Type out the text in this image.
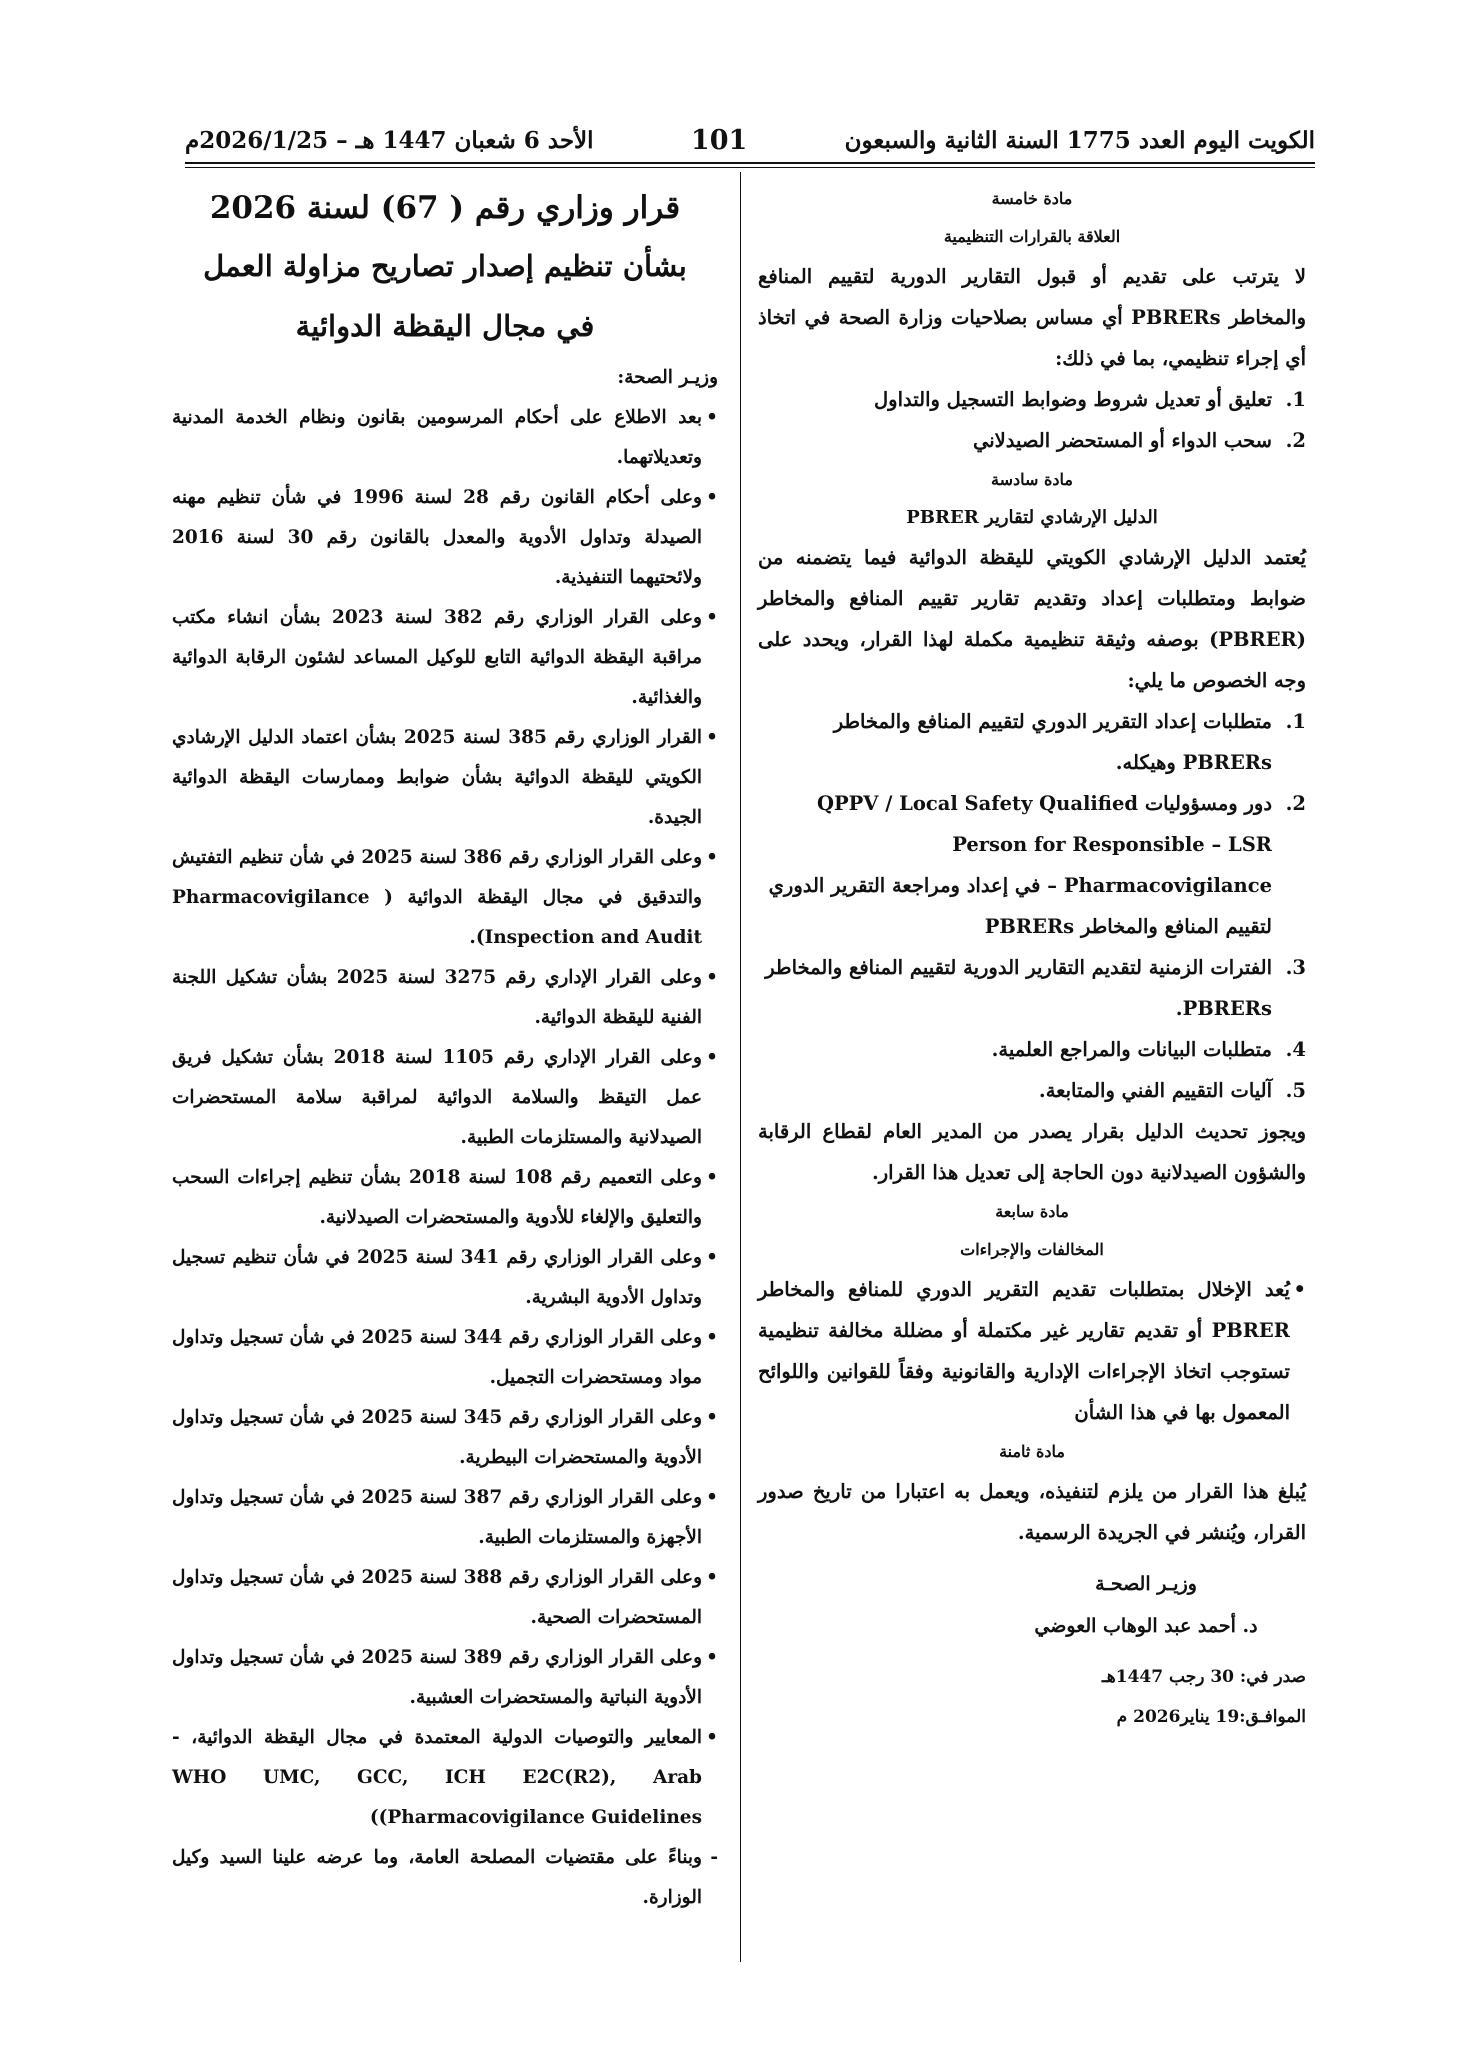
الكويت اليوم العدد 1775 السنة الثانية والسبعون
101
الأحد 6 شعبان 1447 هـ – 2026/1/25م

مادة خامسة

العلاقة بالقرارات التنظيمية

لا يترتب على تقديم أو قبول التقارير الدورية لتقييم المنافع والمخاطر PBRERs أي مساس بصلاحيات وزارة الصحة في اتخاذ أي إجراء تنظيمي، بما في ذلك:

1.
تعليق أو تعديل شروط وضوابط التسجيل والتداول
2.
سحب الدواء أو المستحضر الصيدلاني

مادة سادسة

الدليل الإرشادي لتقارير PBRER

يُعتمد الدليل الإرشادي الكويتي لليقظة الدوائية فيما يتضمنه من ضوابط ومتطلبات إعداد وتقديم تقارير تقييم المنافع والمخاطر (PBRER) بوصفه وثيقة تنظيمية مكملة لهذا القرار، ويحدد على وجه الخصوص ما يلي:

1.
متطلبات إعداد التقرير الدوري لتقييم المنافع والمخاطر PBRERs وهيكله.
2.
دور ومسؤوليات QPPV / Local Safety Qualified Person for Responsible – LSR Pharmacovigilance – في إعداد ومراجعة التقرير الدوري لتقييم المنافع والمخاطر PBRERs
3.
الفترات الزمنية لتقديم التقارير الدورية لتقييم المنافع والمخاطر PBRERs.
4.
متطلبات البيانات والمراجع العلمية.
5.
آليات التقييم الفني والمتابعة.

ويجوز تحديث الدليل بقرار يصدر من المدير العام لقطاع الرقابة والشؤون الصيدلانية دون الحاجة إلى تعديل هذا القرار.

مادة سابعة

المخالفات والإجراءات

• يُعد الإخلال بمتطلبات تقديم التقرير الدوري للمنافع والمخاطر PBRER أو تقديم تقارير غير مكتملة أو مضللة مخالفة تنظيمية تستوجب اتخاذ الإجراءات الإدارية والقانونية وفقاً للقوانين واللوائح المعمول بها في هذا الشأن

مادة ثامنة

يُبلغ هذا القرار من يلزم لتنفيذه، ويعمل به اعتبارا من تاريخ صدور القرار، ويُنشر في الجريدة الرسمية.

وزيـر الصحـة

د. أحمد عبد الوهاب العوضي

صدر في: 30 رجب 1447هـ

الموافـق:19 يناير2026 م

قرار وزاري رقم ( 67) لسنة 2026

بشأن تنظيم إصدار تصاريح مزاولة العمل

في مجال اليقظة الدوائية

وزيـر الصحة:

• بعد الاطلاع على أحكام المرسومين بقانون ونظام الخدمة المدنية وتعديلاتهما.
• وعلى أحكام القانون رقم 28 لسنة 1996 في شأن تنظيم مهنه الصيدلة وتداول الأدوية والمعدل بالقانون رقم 30 لسنة 2016 ولائحتيهما التنفيذية.
• وعلى القرار الوزاري رقم 382 لسنة 2023 بشأن انشاء مكتب مراقبة اليقظة الدوائية التابع للوكيل المساعد لشئون الرقابة الدوائية والغذائية.
• القرار الوزاري رقم 385 لسنة 2025 بشأن اعتماد الدليل الإرشادي الكويتي لليقظة الدوائية بشأن ضوابط وممارسات اليقظة الدوائية الجيدة.
• وعلى القرار الوزاري رقم 386 لسنة 2025 في شأن تنظيم التفتيش والتدقيق في مجال اليقظة الدوائية ( Pharmacovigilance Inspection and Audit).
• وعلى القرار الإداري رقم 3275 لسنة 2025 بشأن تشكيل اللجنة الفنية لليقظة الدوائية.
• وعلى القرار الإداري رقم 1105 لسنة 2018 بشأن تشكيل فريق عمل التيقظ والسلامة الدوائية لمراقبة سلامة المستحضرات الصيدلانية والمستلزمات الطبية.
• وعلى التعميم رقم 108 لسنة 2018 بشأن تنظيم إجراءات السحب والتعليق والإلغاء للأدوية والمستحضرات الصيدلانية.
• وعلى القرار الوزاري رقم 341 لسنة 2025 في شأن تنظيم تسجيل وتداول الأدوية البشرية.
• وعلى القرار الوزاري رقم 344 لسنة 2025 في شأن تسجيل وتداول مواد ومستحضرات التجميل.
• وعلى القرار الوزاري رقم 345 لسنة 2025 في شأن تسجيل وتداول الأدوية والمستحضرات البيطرية.
• وعلى القرار الوزاري رقم 387 لسنة 2025 في شأن تسجيل وتداول الأجهزة والمستلزمات الطبية.
• وعلى القرار الوزاري رقم 388 لسنة 2025 في شأن تسجيل وتداول المستحضرات الصحية.
• وعلى القرار الوزاري رقم 389 لسنة 2025 في شأن تسجيل وتداول الأدوية النباتية والمستحضرات العشبية.
• المعايير والتوصيات الدولية المعتمدة في مجال اليقظة الدوائية، -WHO UMC, GCC, ICH E2C(R2), Arab Pharmacovigilance Guidelines))
- وبناءً على مقتضيات المصلحة العامة، وما عرضه علينا السيد وكيل الوزارة.
